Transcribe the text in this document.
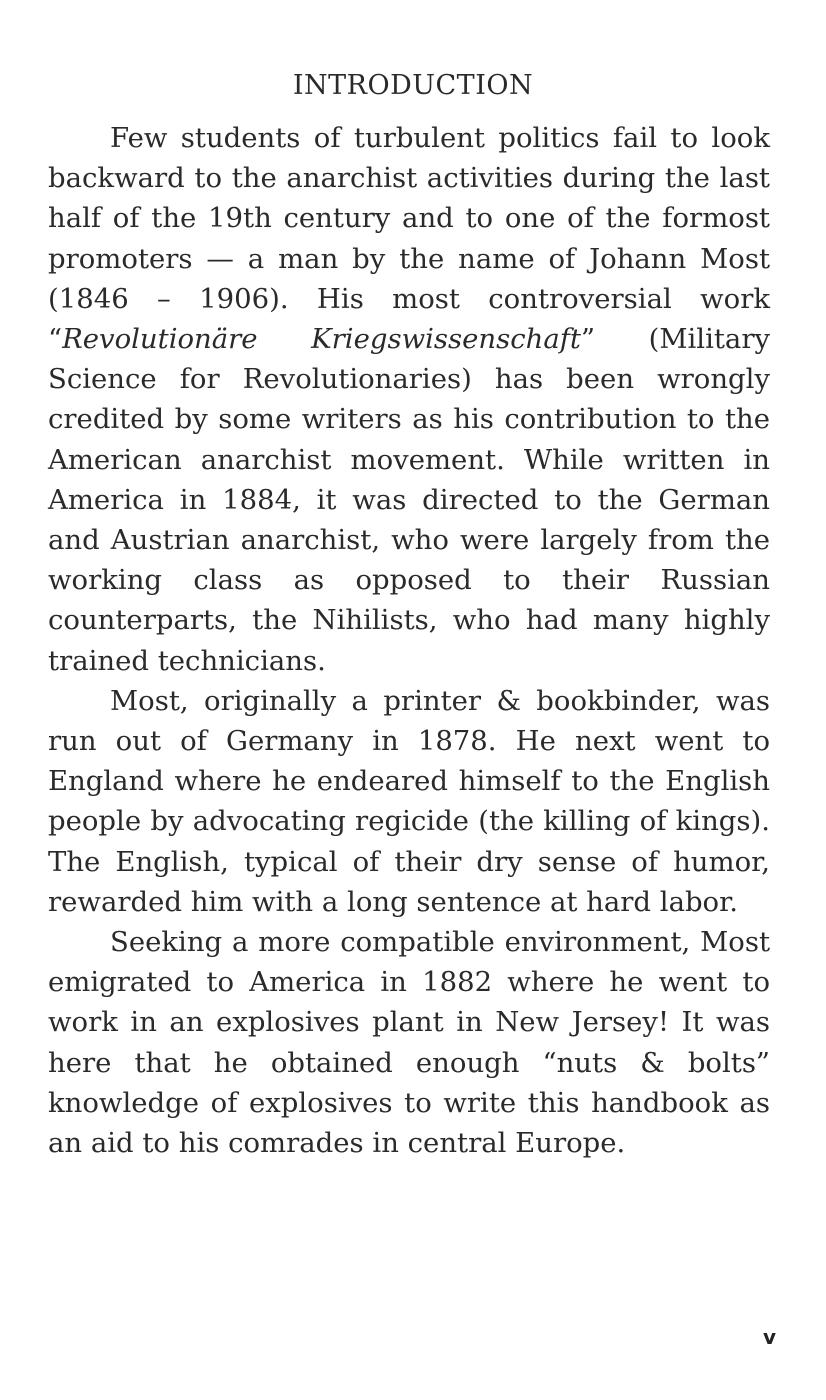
INTRODUCTION

Few students of turbulent politics fail to look backward to the anarchist activities during the last half of the 19th century and to one of the formost promoters — a man by the name of Johann Most (1846 – 1906). His most controversial work “Revolutionäre Kriegswissenschaft” (Military Science for Revolutionaries) has been wrongly credited by some writers as his contribution to the American anarchist movement. While written in America in 1884, it was directed to the German and Austrian anarchist, who were largely from the working class as opposed to their Russian counterparts, the Nihilists, who had many highly trained technicians.

Most, originally a printer & bookbinder, was run out of Germany in 1878. He next went to England where he endeared himself to the English people by advocating regicide (the killing of kings). The English, typical of their dry sense of humor, rewarded him with a long sentence at hard labor.

Seeking a more compatible environment, Most emigrated to America in 1882 where he went to work in an explosives plant in New Jersey! It was here that he obtained enough “nuts & bolts” knowledge of explosives to write this handbook as an aid to his comrades in central Europe.

v
